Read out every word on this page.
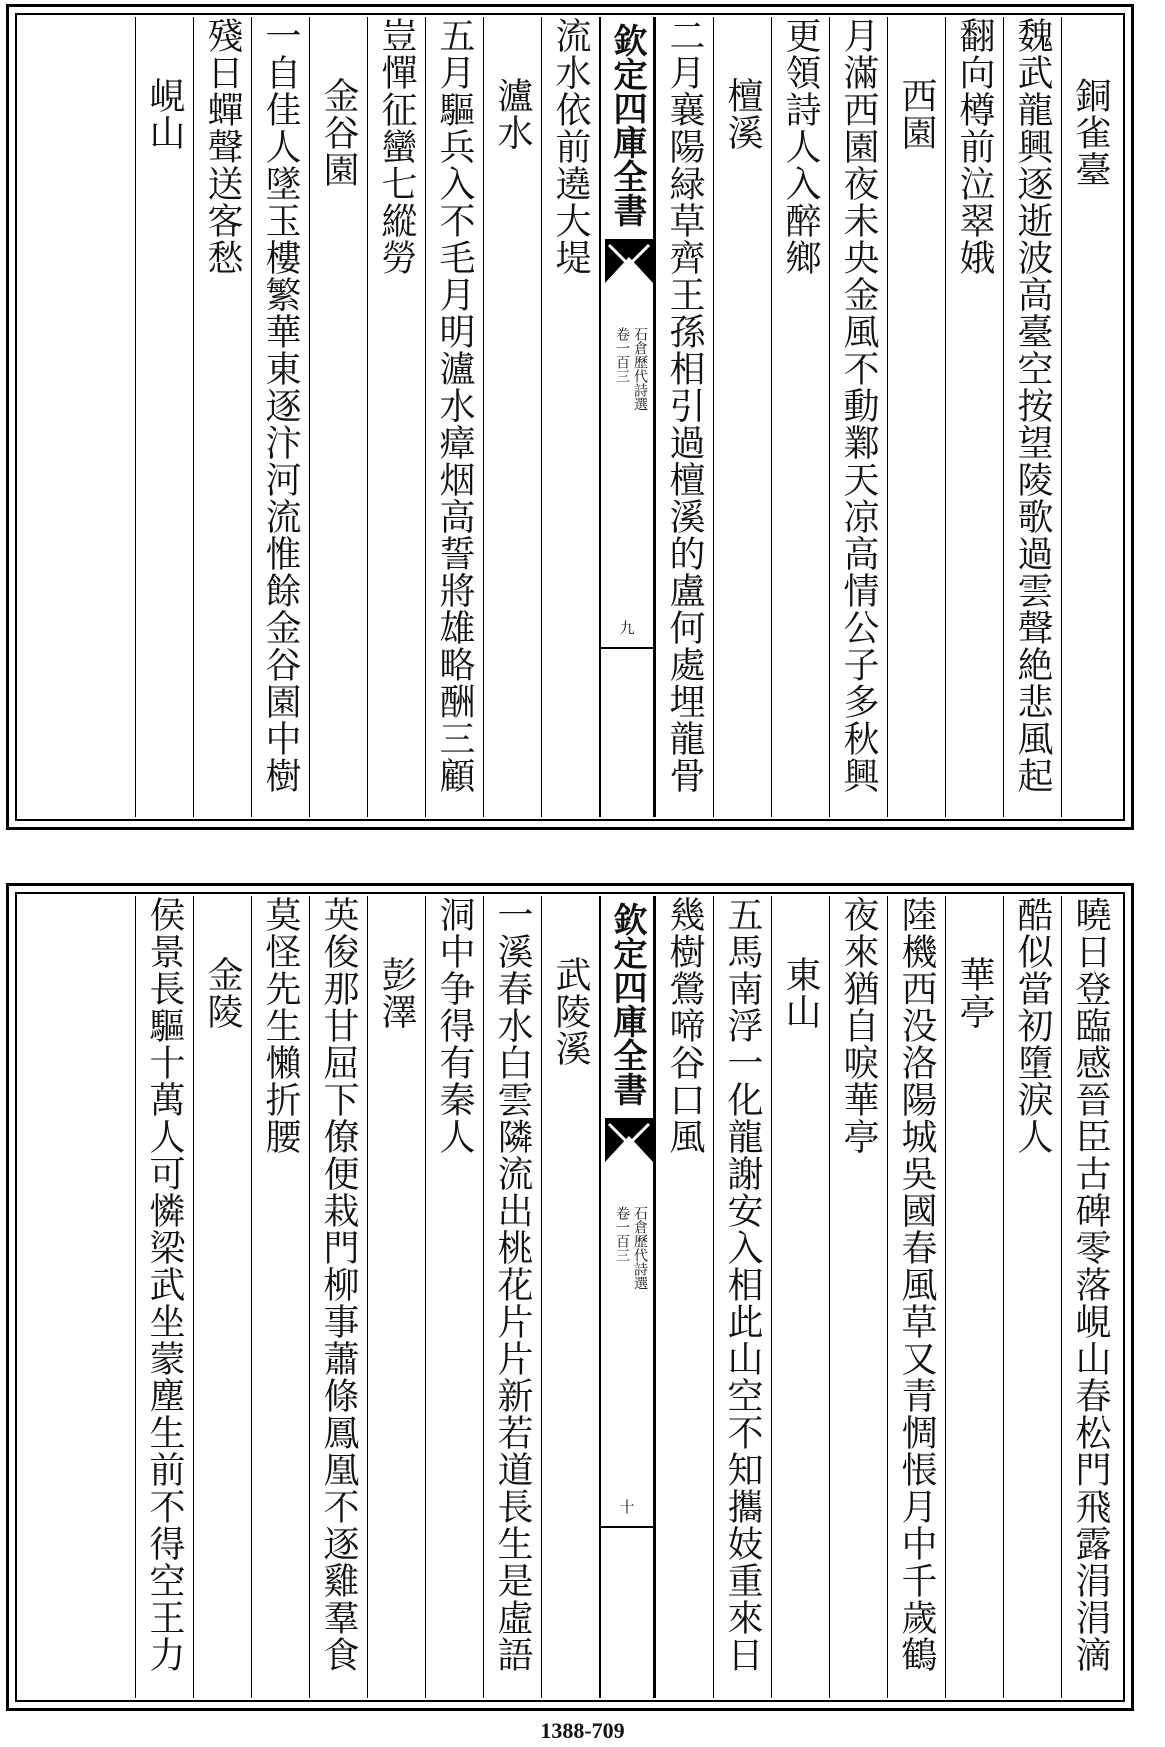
銅雀臺
魏武龍興逐逝波高臺空按望陵歌過雲聲絶悲風起
翻向樽前泣翠娥
西園
月滿西園夜未央金風不動鄴天凉高情公子多秋興
更領詩人入醉鄉
檀溪
二月襄陽緑草齊王孫相引過檀溪的盧何處埋龍骨
欽定四庫全書
石倉歷代詩選
卷一百三
九
流水依前遶大堤
瀘水
五月驅兵入不毛月明瀘水瘴烟高誓將雄略酬三顧
豈憚征蠻七縱勞
金谷園
一自佳人墜玉樓繁華東逐汴河流惟餘金谷園中樹
殘日蟬聲送客愁
峴山
曉日登臨感晉臣古碑零落峴山春松門飛露涓涓滴
酷似當初墮淚人
華亭
陸機西没洛陽城吳國春風草又青惆悵月中千歲鶴
夜來猶自唳華亭
東山
五馬南浮一化龍謝安入相此山空不知攜妓重來日
幾樹鶯啼谷口風
欽定四庫全書
石倉歷代詩選
卷一百三
十
武陵溪
一溪春水白雲隣流出桃花片片新若道長生是虛語
洞中争得有秦人
彭澤
英俊那甘屈下僚便栽門柳事蕭條鳳凰不逐雞羣食
莫怪先生懶折腰
金陵
侯景長驅十萬人可憐梁武坐蒙塵生前不得空王力
1388-709
